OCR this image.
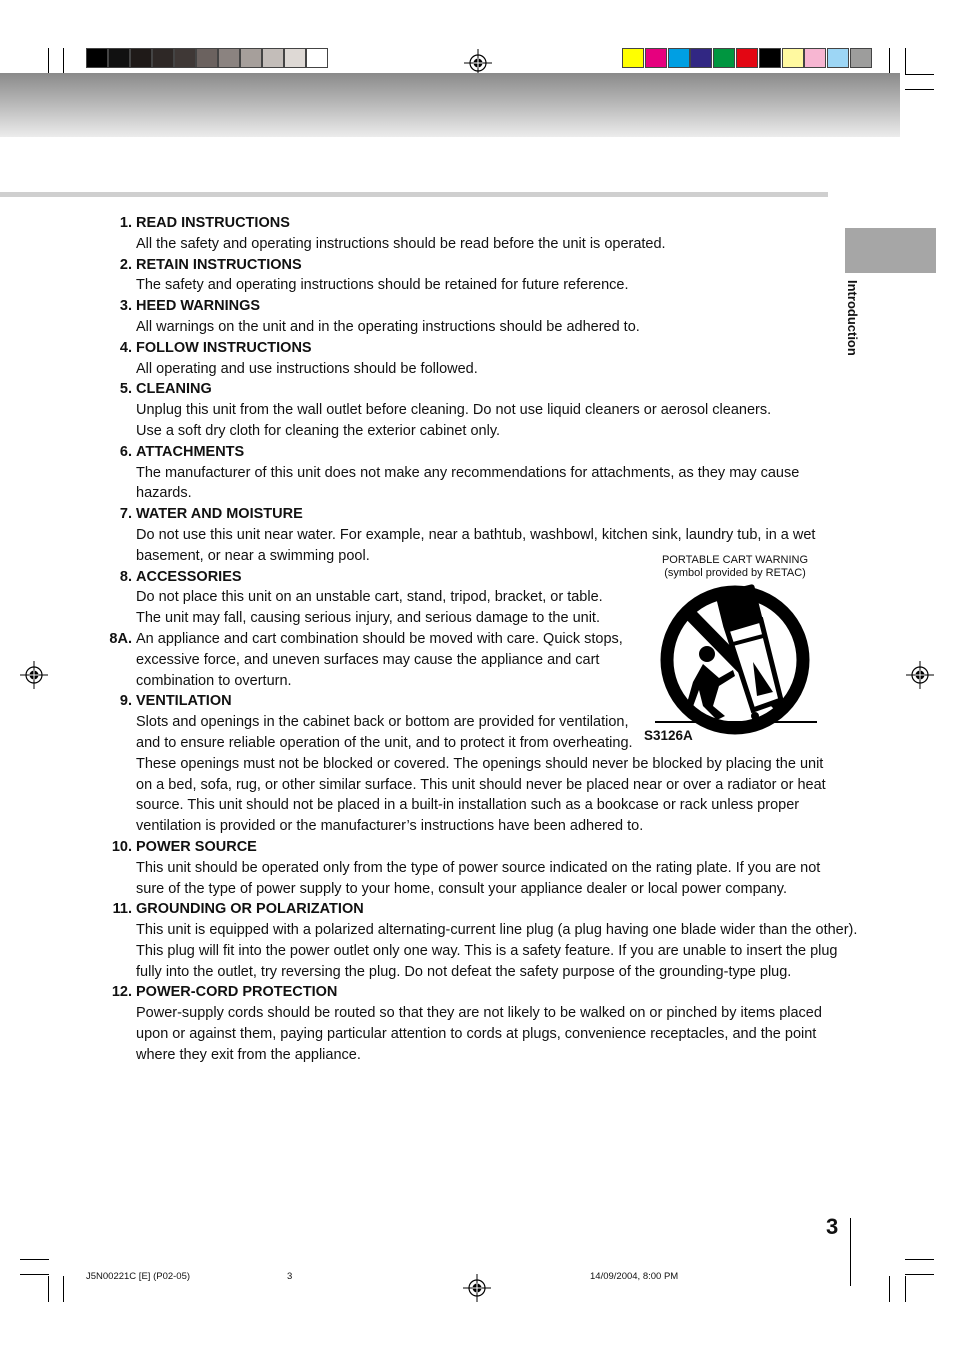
Introduction
1. READ INSTRUCTIONS
All the safety and operating instructions should be read before the unit is operated.
2. RETAIN INSTRUCTIONS
The safety and operating instructions should be retained for future reference.
3. HEED WARNINGS
All warnings on the unit and in the operating instructions should be adhered to.
4. FOLLOW INSTRUCTIONS
All operating and use instructions should be followed.
5. CLEANING
Unplug this unit from the wall outlet before cleaning. Do not use liquid cleaners or aerosol cleaners.
Use a soft dry cloth for cleaning the exterior cabinet only.
6. ATTACHMENTS
The manufacturer of this unit does not make any recommendations for attachments, as they may cause
hazards.
7. WATER AND MOISTURE
Do not use this unit near water. For example, near a bathtub, washbowl, kitchen sink, laundry tub, in a wet
basement, or near a swimming pool.
8. ACCESSORIES
Do not place this unit on an unstable cart, stand, tripod, bracket, or table.
The unit may fall, causing serious injury, and serious damage to the unit.
8A. An appliance and cart combination should be moved with care. Quick stops,
excessive force, and uneven surfaces may cause the appliance and cart
combination to overturn.
9. VENTILATION
Slots and openings in the cabinet back or bottom are provided for ventilation,
and to ensure reliable operation of the unit, and to protect it from overheating.
These openings must not be blocked or covered. The openings should never be blocked by placing the unit
on a bed, sofa, rug, or other similar surface. This unit should never be placed near or over a radiator or heat
source. This unit should not be placed in a built-in installation such as a bookcase or rack unless proper
ventilation is provided or the manufacturer’s instructions have been adhered to.
10. POWER SOURCE
This unit should be operated only from the type of power source indicated on the rating plate. If you are not
sure of the type of power supply to your home, consult your appliance dealer or local power company.
11. GROUNDING OR POLARIZATION
This unit is equipped with a polarized alternating-current line plug (a plug having one blade wider than the other).
This plug will fit into the power outlet only one way. This is a safety feature. If you are unable to insert the plug
fully into the outlet, try reversing the plug. Do not defeat the safety purpose of the grounding-type plug.
12. POWER-CORD PROTECTION
Power-supply cords should be routed so that they are not likely to be walked on or pinched by items placed
upon or against them, paying particular attention to cords at plugs, convenience receptacles, and the point
where they exit from the appliance.
PORTABLE CART WARNING
(symbol provided by RETAC)
S3126A
3
J5N00221C [E] (P02-05)	3	14/09/2004, 8:00 PM
